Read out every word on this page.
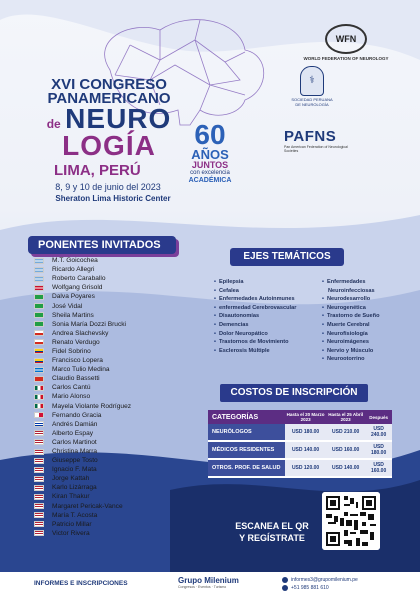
XVI CONGRESO
PANAMERICANO
de NEURO
LOGÍA
LIMA, PERÚ
8, 9 y 10 de junio del 2023
Sheraton Lima Historic Center
60
AÑOS
JUNTOS
con excelencia
ACADÉMICA
WFN
WORLD FEDERATION OF NEUROLOGY
⚕
SOCIEDAD PERUANA DE NEUROLOGÍA
PAFNS
Pan American Federation of Neurological Societies
PONENTES INVITADOS
M.T. Goicochea
Ricardo Allegri
Roberto Caraballo
Wolfgang Grisold
Dalva Poyares
José Vidal
Sheila Martins
Sonia María Dozzi Brucki
Andrea Slachevsky
Renato Verdugo
Fidel Sobrino
Francisco Lopera
Marco Tulio Medina
Claudio Bassetti
Carlos Cantú
Mario Alonso
Mayela Violante Rodríguez
Fernando Gracia
Andrés Damián
Alberto Espay
Carlos Martinot
Christina Marra
Giuseppe Tosto
Ignacio F. Mata
Jorge Kattah
Karlo Lizárraga
Kiran Thakur
Margaret Pericak-Vance
María T. Acosta
Patricio Millar
Victor Rivera
EJES TEMÁTICOS
• Epilepsia
• Cefalea
• Enfermedades Autoinmunes
• enfermedad Cerebrovascular
• Disautonomías
• Demencias
• Dolor Neuropático
• Trastornos de Movimiento
• Esclerosis Múltiple
• Enfermedades
Neuroinfecciosas
• Neurodesarrollo
• Neurogenética
• Trastorno de Sueño
• Muerte Cerebral
• Neurofisiología
• Neuroimágenes
• Nervio y Músculo
• Neurootorrino
COSTOS DE INSCRIPCIÓN
CATEGORÍAS	Hasta el 20 Marzo 2023	Hasta el 25 Abril 2023	Después
NEURÓLOGOS	USD 180.00	USD 210.00	USD 240.00
MÉDICOS RESIDENTES	USD 140.00	USD 160.00	USD 180.00
OTROS. PROF. DE SALUD	USD 120.00	USD 140.00	USD 160.00
ESCANEA EL QR
Y REGÍSTRATE
INFORMES E INSCRIPCIONES	Grupo Milenium
Congresos · Eventos · Turismo
informes3@grupomilenium.pe
+51 985 881 610
